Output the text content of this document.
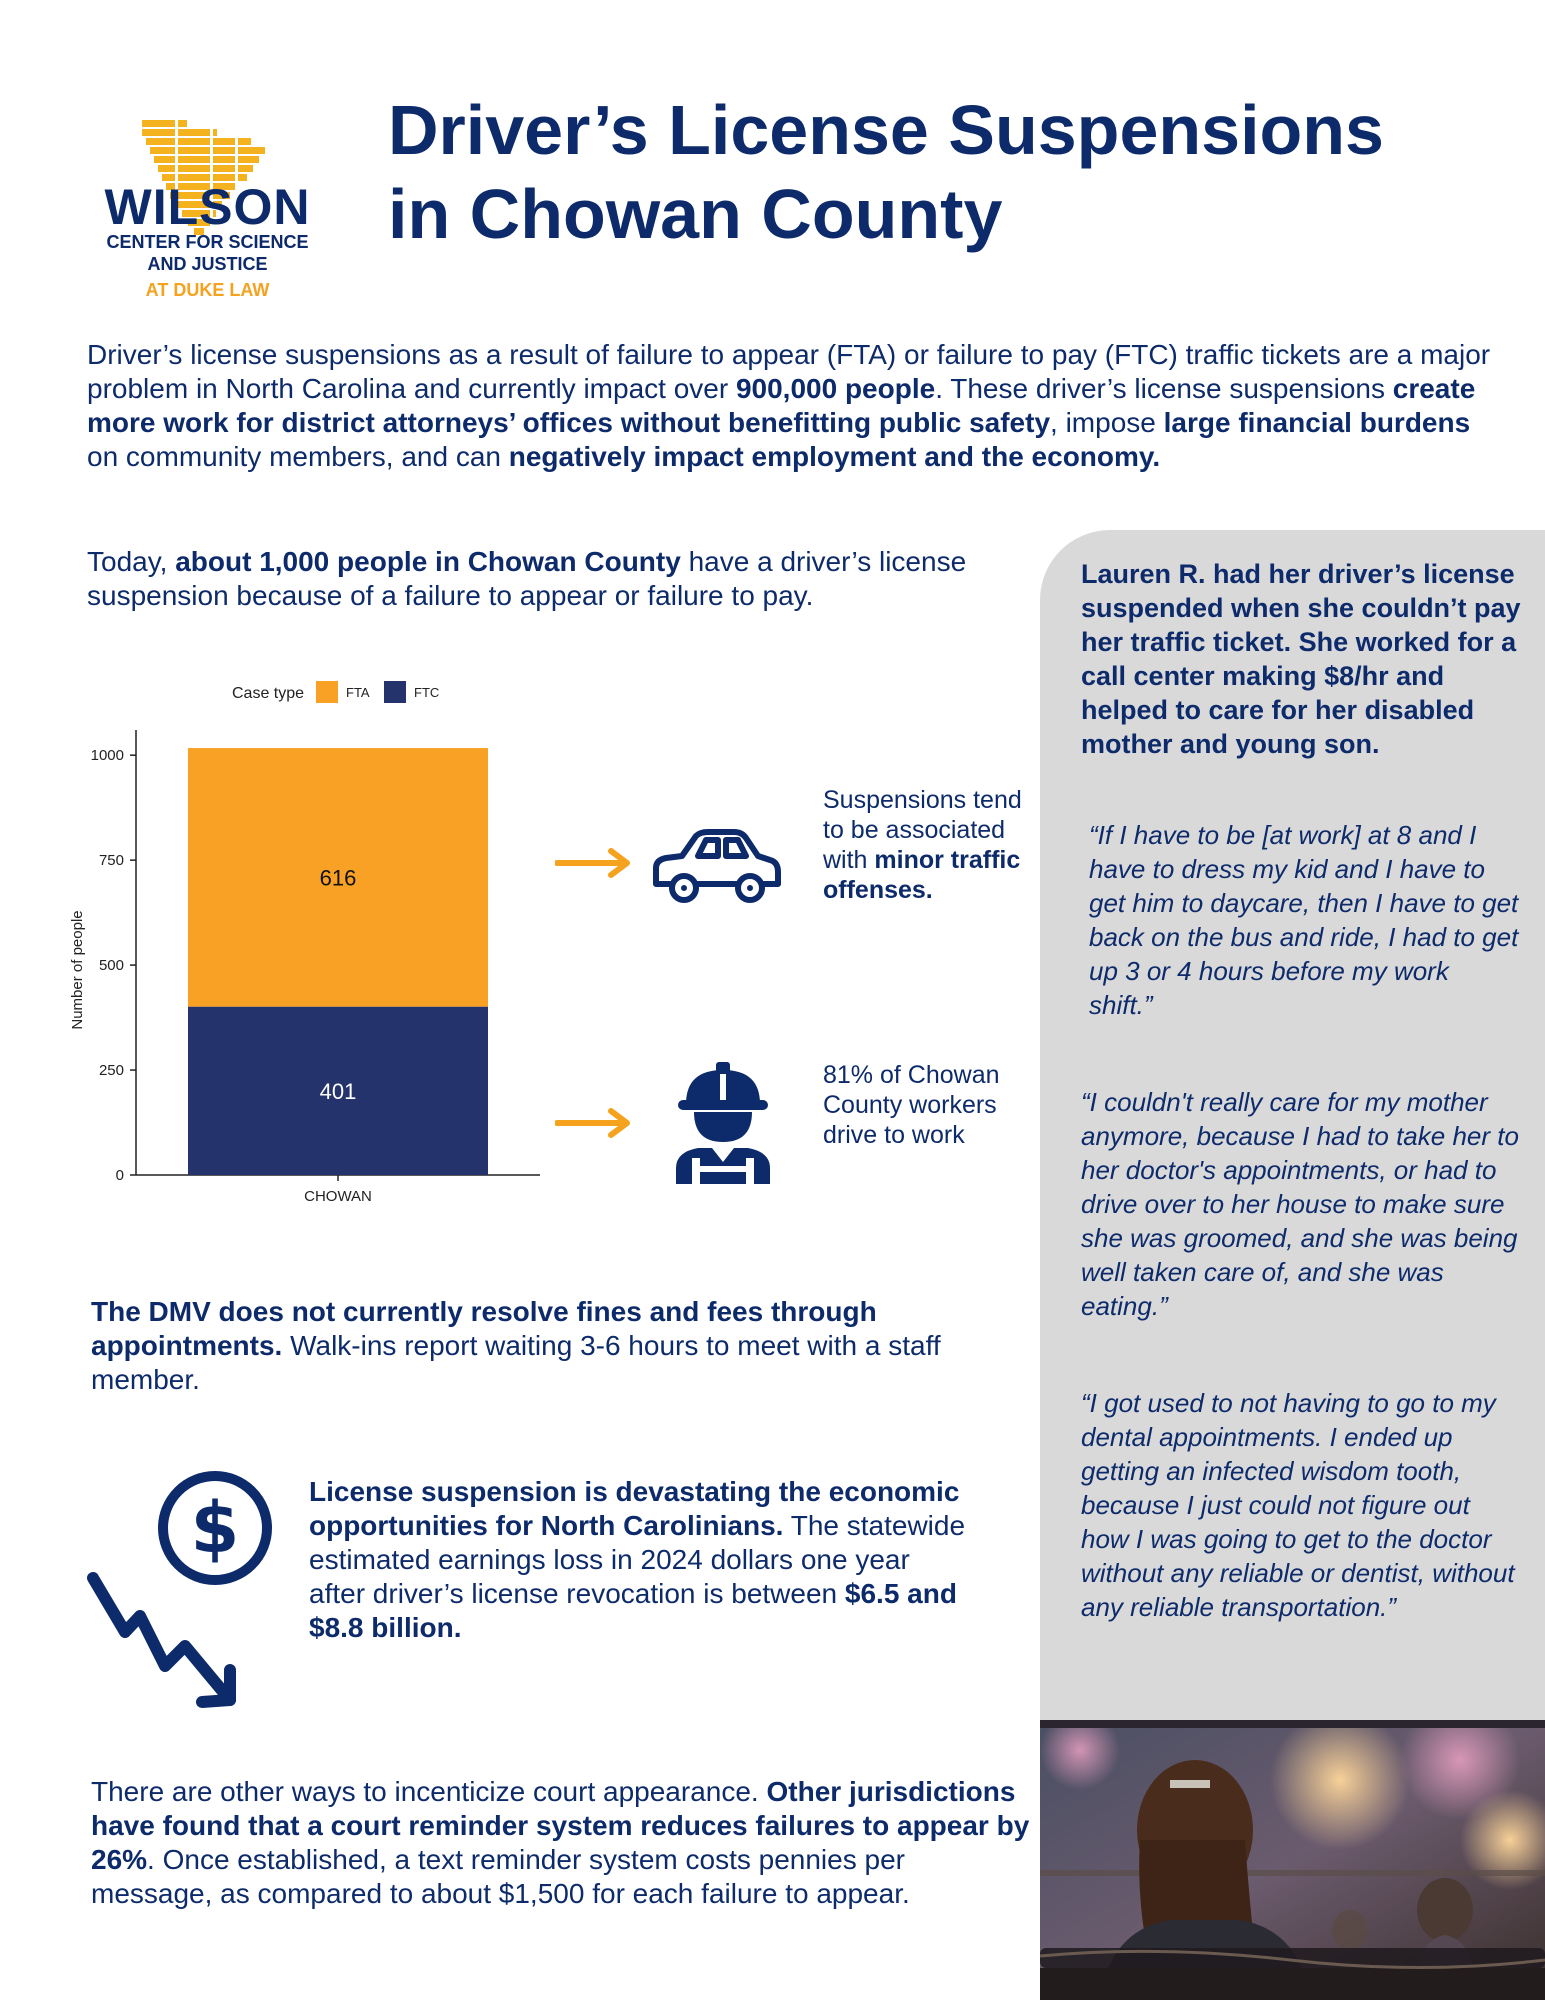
WILSON
CENTER FOR SCIENCE
AND JUSTICE
AT DUKE LAW
Driver’s License Suspensions
in Chowan County
Driver’s license suspensions as a result of failure to appear (FTA) or failure to pay (FTC) traffic tickets are a major problem in North Carolina and currently impact over 900,000 people. These driver’s license suspensions create more work for district attorneys’ offices without benefitting public safety, impose large financial burdens on community members, and can negatively impact employment and the economy.
Today, about 1,000 people in Chowan County have a driver’s license suspension because of a failure to appear or failure to pay.
Case type	FTA	FTC
Number of people
0
250
500
750
1000
401
616
CHOWAN
Suspensions tend to be associated with minor traffic offenses.
81% of Chowan County workers drive to work
The DMV does not currently resolve fines and fees through appointments. Walk-ins report waiting 3-6 hours to meet with a staff member.
$ License suspension is devastating the economic opportunities for North Carolinians. The statewide estimated earnings loss in 2024 dollars one year after driver’s license revocation is between $6.5 and $8.8 billion.
There are other ways to incenticize court appearance. Other jurisdictions have found that a court reminder system reduces failures to appear by 26%. Once established, a text reminder system costs pennies per message, as compared to about $1,500 for each failure to appear.
Lauren R. had her driver’s license suspended when she couldn’t pay her traffic ticket. She worked for a call center making $8/hr and helped to care for her disabled mother and young son.
“If I have to be [at work] at 8 and I have to dress my kid and I have to get him to daycare, then I have to get back on the bus and ride, I had to get up 3 or 4 hours before my work shift.”
“I couldn't really care for my mother anymore, because I had to take her to her doctor's appointments, or had to drive over to her house to make sure she was groomed, and she was being well taken care of, and she was eating.”
“I got used to not having to go to my dental appointments. I ended up getting an infected wisdom tooth, because I just could not figure out how I was going to get to the doctor without any reliable or dentist, without any reliable transportation.”
